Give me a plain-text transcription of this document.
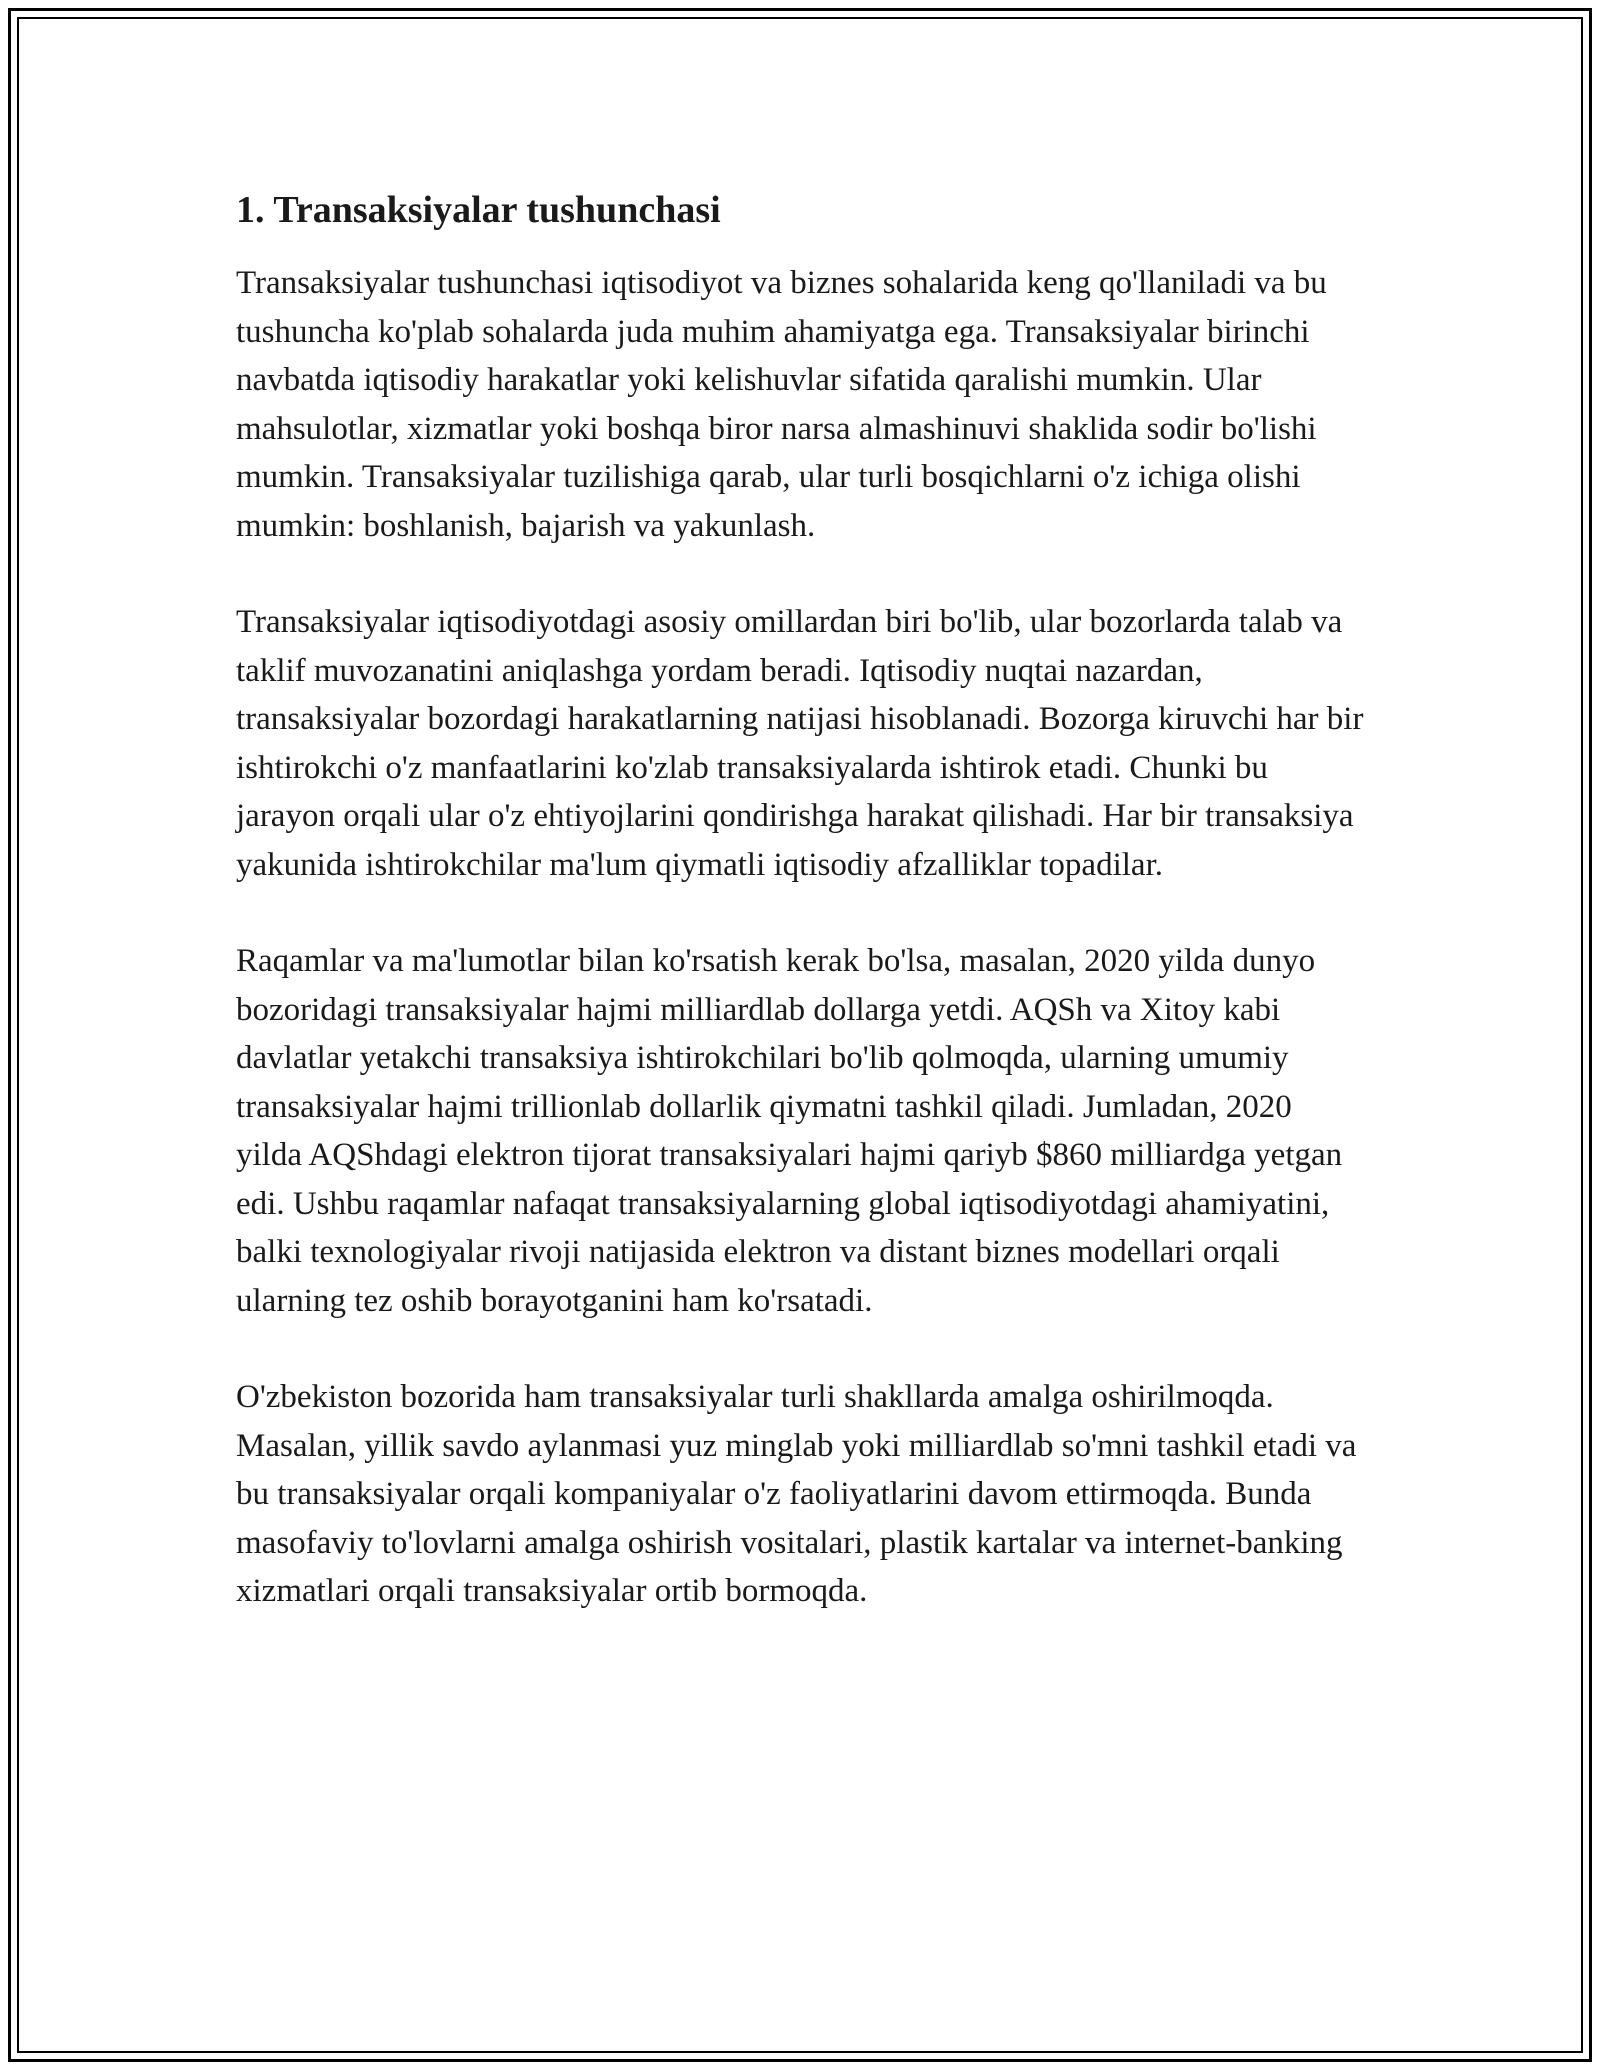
1. Transaksiyalar tushunchasi

Transaksiyalar tushunchasi iqtisodiyot va biznes sohalarida keng qo'llaniladi va bu tushuncha ko'plab sohalarda juda muhim ahamiyatga ega. Transaksiyalar birinchi navbatda iqtisodiy harakatlar yoki kelishuvlar sifatida qaralishi mumkin. Ular mahsulotlar, xizmatlar yoki boshqa biror narsa almashinuvi shaklida sodir bo'lishi mumkin. Transaksiyalar tuzilishiga qarab, ular turli bosqichlarni o'z ichiga olishi mumkin: boshlanish, bajarish va yakunlash.

Transaksiyalar iqtisodiyotdagi asosiy omillardan biri bo'lib, ular bozorlarda talab va taklif muvozanatini aniqlashga yordam beradi. Iqtisodiy nuqtai nazardan, transaksiyalar bozordagi harakatlarning natijasi hisoblanadi. Bozorga kiruvchi har bir ishtirokchi o'z manfaatlarini ko'zlab transaksiyalarda ishtirok etadi. Chunki bu jarayon orqali ular o'z ehtiyojlarini qondirishga harakat qilishadi. Har bir transaksiya yakunida ishtirokchilar ma'lum qiymatli iqtisodiy afzalliklar topadilar.

Raqamlar va ma'lumotlar bilan ko'rsatish kerak bo'lsa, masalan, 2020 yilda dunyo bozoridagi transaksiyalar hajmi milliardlab dollarga yetdi. AQSh va Xitoy kabi davlatlar yetakchi transaksiya ishtirokchilari bo'lib qolmoqda, ularning umumiy transaksiyalar hajmi trillionlab dollarlik qiymatni tashkil qiladi. Jumladan, 2020 yilda AQShdagi elektron tijorat transaksiyalari hajmi qariyb $860 milliardga yetgan edi. Ushbu raqamlar nafaqat transaksiyalarning global iqtisodiyotdagi ahamiyatini, balki texnologiyalar rivoji natijasida elektron va distant biznes modellari orqali ularning tez oshib borayotganini ham ko'rsatadi.

O'zbekiston bozorida ham transaksiyalar turli shakllarda amalga oshirilmoqda. Masalan, yillik savdo aylanmasi yuz minglab yoki milliardlab so'mni tashkil etadi va bu transaksiyalar orqali kompaniyalar o'z faoliyatlarini davom ettirmoqda. Bunda masofaviy to'lovlarni amalga oshirish vositalari, plastik kartalar va internet-banking xizmatlari orqali transaksiyalar ortib bormoqda.
